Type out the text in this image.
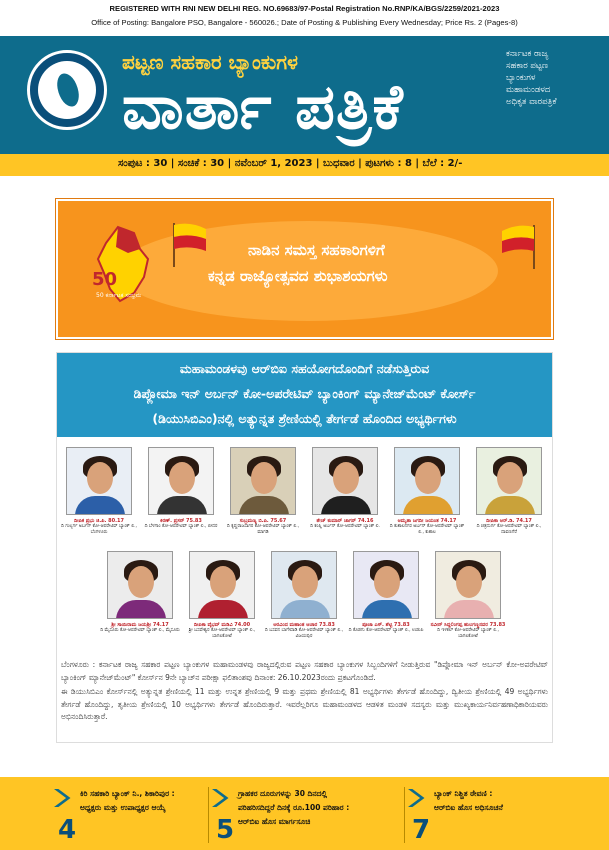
REGISTERED WITH RNI NEW DELHI REG. NO.69683/97-Postal Registration No.RNP/KA/BGS/2259/2021-2023
Office of Posting: Bangalore PSO, Bangalore - 560026.; Date of Posting & Publishing Every Wednesday; Price Rs. 2 (Pages-8)
ಪಟ್ಟಣ ಸಹಕಾರ ಬ್ಯಾಂಕುಗಳ
ವಾರ್ತಾ ಪತ್ರಿಕೆ
ಕರ್ನಾಟಕ ರಾಜ್ಯ
ಸಹಕಾರ ಪಟ್ಟಣ
ಬ್ಯಾಂಕುಗಳ
ಮಹಾಮಂಡಳದ
ಅಧಿಕೃತ ವಾರಪತ್ರಿಕೆ
ಸಂಪುಟ : 30 | ಸಂಚಿಕೆ : 30 | ನವೆಂಬರ್ 1, 2023 | ಬುಧವಾರ | ಪುಟಗಳು : 8 | ಬೆಲೆ : 2/-
50
50 ಕರ್ನಾಟಕ ಸಂಭ್ರಮ
ನಾಡಿನ ಸಮಸ್ತ ಸಹಕಾರಿಗಳಿಗೆ
ಕನ್ನಡ ರಾಜ್ಯೋತ್ಸವದ ಶುಭಾಶಯಗಳು
ಮಹಾಮಂಡಳವು ಆರ್‌ಬಿಐ ಸಹಯೋಗದೊಂದಿಗೆ ನಡೆಸುತ್ತಿರುವ
ಡಿಪ್ಲೋಮಾ ಇನ್ ಅರ್ಬನ್ ಕೋ-ಅಪರೇಟಿವ್ ಬ್ಯಾಂಕಿಂಗ್ ಮ್ಯಾನೇಜ್‌ಮೆಂಟ್ ಕೋರ್ಸ್
(ಡಿಯುಸಿಬಿಎಂ)ನಲ್ಲಿ ಅತ್ಯುನ್ನತ ಶ್ರೇಣಿಯಲ್ಲಿ ತೇರ್ಗಡೆ ಹೊಂದಿದ ಅಭ್ಯರ್ಥಿಗಳು
ದೀಪಿಕ ಪ್ರಭು ಜಿ.ಪಿ. 80.17
ದಿ ಗುಲ್ಬರ್ಗ ಅರ್ಬನ್ ಕೋ-ಆಪರೇಟಿವ್ ಬ್ಯಾಂಕ್ ಲಿ., ಬೆಂಗಳೂರು
ಕಿರಣ್. ಪ್ರಸನ್ 75.83
ದಿ ಬೆಳಗಾಂ ಕೋ-ಆಪರೇಟಿವ್ ಬ್ಯಾಂಕ್ ಲಿ., ಬೀದರ
ಸುಬ್ರಮಣ್ಯ ಬಿ.ಪಿ. 75.67
ದಿ ಕೃಷ್ಣರಾಜಸಾಗರ ಕೋ-ಆಪರೇಟಿವ್ ಬ್ಯಾಂಕ್ ಲಿ., ಮಾಗಡಿ
ತೇಜ್ ಕುಮಾರ್ ಜಾಗರ್ 74.16
ದಿ ಕಂಪ್ಲಿ ಅರ್ಬನ್ ಕೋ-ಆಪರೇಟಿವ್ ಬ್ಯಾಂಕ್ ಲಿ.
ಅಮೃತಾ ಜಗದೀ ಜಯಂತ 74.17
ದಿ ಕುಶಾಲನಗರ ಅರ್ಬನ್ ಕೋ-ಆಪರೇಟಿವ್ ಬ್ಯಾಂಕ್ ಲಿ., ಕುಶಾಲ
ದೀಪಿಕಾ ಆರ್.ಡಿ. 74.17
ದಿ ಚಿತ್ರದುರ್ಗ ಕೋ-ಆಪರೇಟಿವ್ ಬ್ಯಾಂಕ್ ಲಿ., ದಾವಣಗೆರೆ
ಶ್ರೀ ಸಾಯಿರಾಮ ಜಯಶ್ರೀ 74.17
ದಿ ಮೈಸೂರು ಕೋ-ಆಪರೇಟಿವ್ ಬ್ಯಾಂಕ್ ಲಿ., ಮೈಸೂರು
ದೀಪಿಕಾ ವೈಭವ್ ಮಡಿವಿ 74.00
ಶ್ರೀ ಬಸವೇಶ್ವರ ಕೋ-ಆಪರೇಟಿವ್ ಬ್ಯಾಂಕ್ ಲಿ., ಬಾಗಲಕೋಟೆ
ಅರವಿಂದ ಮಹಾಂತ ಆಚಾರ 73.83
ದಿ ಬಸವನ ಬಾಗೇವಾಡಿ ಕೋ-ಆಪರೇಟಿವ್ ಬ್ಯಾಂಕ್ ಲಿ., ವಿಜಯಪುರ
ಪೂಜಾ ಎಸ್. ಶೆಟ್ಟಿ 73.83
ದಿ ಕೊಡಗು ಕೋ-ಆಪರೇಟಿವ್ ಬ್ಯಾಂಕ್ ಲಿ., ಉಡುಪಿ
ನವೀನ್ ಸಿದ್ದಲಿಂಗಪ್ಪ ಹುಲಗಣ್ಣನವರ 73.83
ದಿ ಇಳಕಲ್ ಕೋ-ಆಪರೇಟಿವ್ ಬ್ಯಾಂಕ್ ಲಿ., ಬಾಗಲಕೋಟೆ

ಬೆಂಗಳೂರು : ಕರ್ನಾಟಕ ರಾಜ್ಯ ಸಹಕಾರ ಪಟ್ಟಣ ಬ್ಯಾಂಕುಗಳ ಮಹಾಮಂಡಳವು ರಾಜ್ಯದಲ್ಲಿರುವ ಪಟ್ಟಣ ಸಹಕಾರ ಬ್ಯಾಂಕುಗಳ ಸಿಬ್ಬಂದಿಗಳಿಗೆ ನೀಡುತ್ತಿರುವ "ಡಿಪ್ಲೋಮಾ ಇನ್ ಅರ್ಬನ್ ಕೋ-ಅಪರೇಟಿವ್ ಬ್ಯಾಂಕಿಂಗ್ ಮ್ಯಾನೇಜ್‌ಮೆಂಟ್" ಕೋರ್ಸ್‌ನ 9ನೇ ಬ್ಯಾಚ್‌ನ ಪರೀಕ್ಷಾ ಫಲಿತಾಂಶವು ದಿನಾಂಕ: 26.10.2023ರಂದು ಪ್ರಕಟಗೊಂಡಿದೆ.

ಈ ಡಿಯುಸಿಬಿಎಂ ಕೋರ್ಸ್‌ನಲ್ಲಿ ಅತ್ಯುನ್ನತ ಶ್ರೇಣಿಯಲ್ಲಿ 11 ಮತ್ತು ಉನ್ನತ ಶ್ರೇಣಿಯಲ್ಲಿ 9 ಮತ್ತು ಪ್ರಥಮ ಶ್ರೇಣಿಯಲ್ಲಿ 81 ಅಭ್ಯರ್ಥಿಗಳು ತೇರ್ಗಡೆ ಹೊಂದಿದ್ದು, ದ್ವಿತೀಯ ಶ್ರೇಣಿಯಲ್ಲಿ 49 ಅಭ್ಯರ್ಥಿಗಳು ತೇರ್ಗಡೆ ಹೊಂದಿದ್ದು, ತೃತೀಯ ಶ್ರೇಣಿಯಲ್ಲಿ 10 ಅಭ್ಯರ್ಥಿಗಳು ತೇರ್ಗಡೆ ಹೊಂದಿರುತ್ತಾರೆ. ಇವರೆಲ್ಲರಿಗೂ ಮಹಾಮಂಡಳದ ಆಡಳಿತ ಮಂಡಳಿ ಸದಸ್ಯರು ಮತ್ತು ಮುಖ್ಯಕಾರ್ಯನಿರ್ವಹಣಾಧಿಕಾರಿಯವರು ಅಭಿನಂದಿಸಿರುತ್ತಾರೆ.

4
ಕಿರಿ ಸಹಕಾರಿ ಬ್ಯಾಂಕ್ ನಿ., ಶಿಕಾರಿಪುರ :
ಅಧ್ಯಕ್ಷರು ಮತ್ತು ಉಪಾಧ್ಯಕ್ಷರ ಆಯ್ಕೆ
5
ಗ್ರಾಹಕರ ದೂರುಗಳನ್ನು 30 ದಿನದಲ್ಲಿ
ಪರಿಹರಿಸದಿದ್ದರೆ ದಿನಕ್ಕೆ ರೂ.100 ಪರಿಹಾರ :
ಆರ್‌ಬಿಐ ಹೊಸ ಮಾರ್ಗಸೂಚಿ	7
ಬ್ಯಾಂಕ್ ನಿಶ್ಚಿತ ಠೇವಣಿ :
ಆರ್‌ಬಿಐ ಹೊಸ ಅಧಿಸೂಚನೆ
